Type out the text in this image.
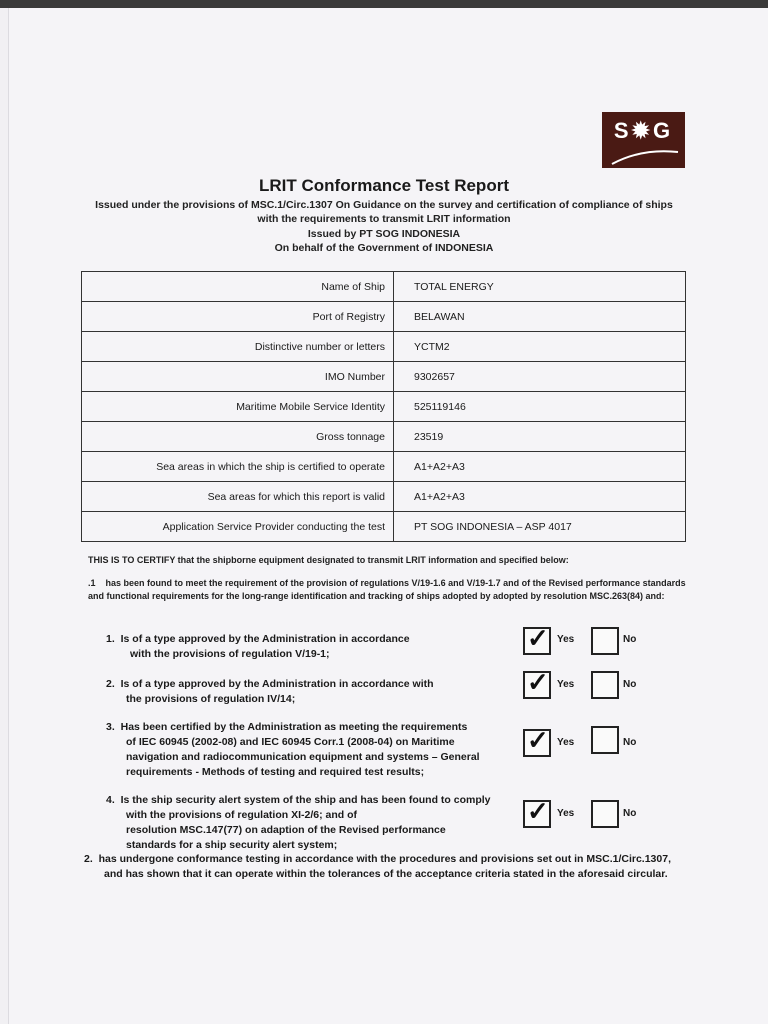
S✹G
LRIT Conformance Test Report
Issued under the provisions of MSC.1/Circ.1307 On Guidance on the survey and certification of compliance of ships
with the requirements to transmit LRIT information
Issued by PT SOG INDONESIA
On behalf of the Government of INDONESIA
Name of Ship	TOTAL ENERGY
Port of Registry	BELAWAN
Distinctive number or letters	YCTM2
IMO Number	9302657
Maritime Mobile Service Identity	525119146
Gross tonnage	23519
Sea areas in which the ship is certified to operate	A1+A2+A3
Sea areas for which this report is valid	A1+A2+A3
Application Service Provider conducting the test	PT SOG INDONESIA – ASP 4017
THIS IS TO CERTIFY that the shipborne equipment designated to transmit LRIT information and specified below:
.1 has been found to meet the requirement of the provision of regulations V/19-1.6 and V/19-1.7 and of the Revised performance standards and functional requirements for the long-range identification and tracking of ships adopted by adopted by resolution MSC.263(84) and:
1. Is of a type approved by the Administration in accordance
with the provisions of regulation V/19-1;
✓ Yes	No
2. Is of a type approved by the Administration in accordance with
the provisions of regulation IV/14;
✓ Yes	No
3. Has been certified by the Administration as meeting the requirements
of IEC 60945 (2002-08) and IEC 60945 Corr.1 (2008-04) on Maritime
navigation and radiocommunication equipment and systems – General
requirements - Methods of testing and required test results;
✓ Yes	No
4. Is the ship security alert system of the ship and has been found to comply
with the provisions of regulation XI-2/6; and of
resolution MSC.147(77) on adaption of the Revised performance
standards for a ship security alert system;
✓ Yes	No
2. has undergone conformance testing in accordance with the procedures and provisions set out in MSC.1/Circ.1307,
and has shown that it can operate within the tolerances of the acceptance criteria stated in the aforesaid circular.
